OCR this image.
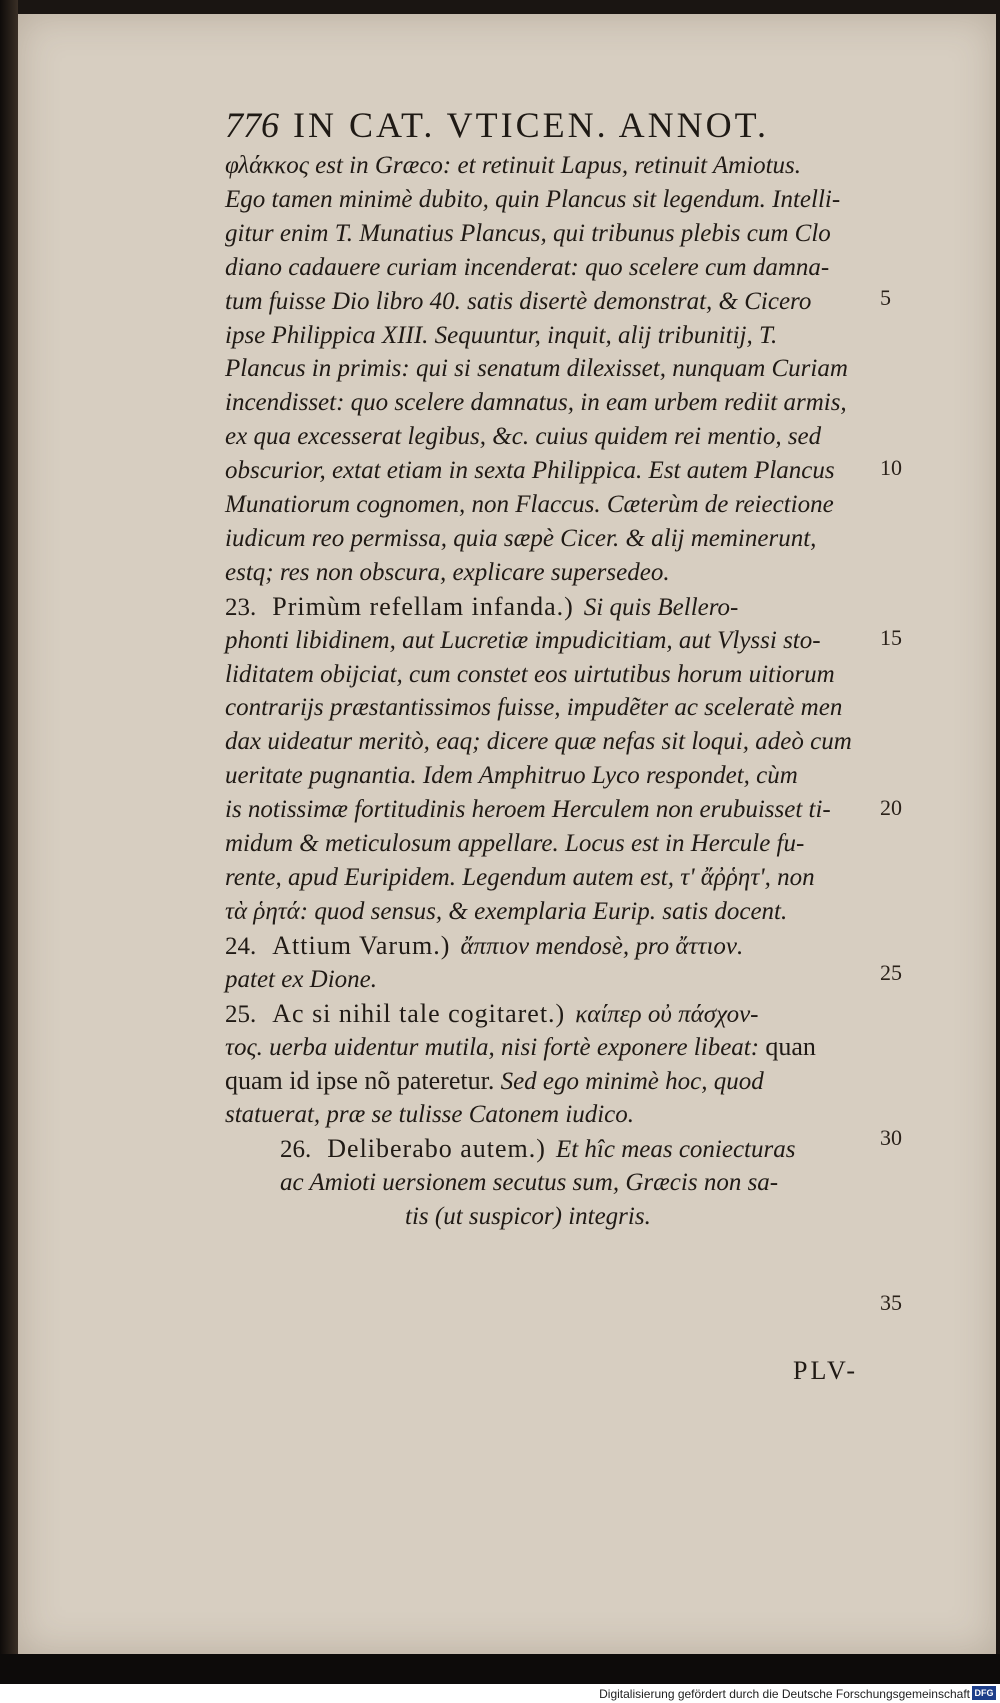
776 IN CAT. VTICEN. ANNOT.
φλάκκος est in Græco: et retinuit Lapus, retinuit Amiotus.
Ego tamen minimè dubito, quin Plancus sit legendum. Intelli-
gitur enim T. Munatius Plancus, qui tribunus plebis cum Clo
diano cadauere curiam incenderat: quo scelere cum damna-
tum fuisse Dio libro 40. satis disertè demonstrat, & Cicero
ipse Philippica XIII. Sequuntur, inquit, alij tribunitij, T.
Plancus in primis: qui si senatum dilexisset, nunquam Curiam
incendisset: quo scelere damnatus, in eam urbem rediit armis,
ex qua excesserat legibus, &c. cuius quidem rei mentio, sed
obscurior, extat etiam in sexta Philippica. Est autem Plancus
Munatiorum cognomen, non Flaccus. Cæterùm de reiectione
iudicum reo permissa, quia sæpè Cicer. & alij meminerunt,
estq; res non obscura, explicare supersedeo.
23. Primùm refellam infanda.) Si quis Bellero-
phonti libidinem, aut Lucretiæ impudicitiam, aut Vlyssi sto-
liditatem obijciat, cum constet eos uirtutibus horum uitiorum
contrarijs præstantissimos fuisse, impudẽter ac sceleratè men
dax uideatur meritò, eaq; dicere quæ nefas sit loqui, adeò cum
ueritate pugnantia. Idem Amphitruo Lyco respondet, cùm
is notissimæ fortitudinis heroem Herculem non erubuisset ti-
midum & meticulosum appellare. Locus est in Hercule fu-
rente, apud Euripidem. Legendum autem est, τ' ἄῤῥητ', non
τὰ ῥητά: quod sensus, & exemplaria Eurip. satis docent.
24. Attium Varum.) ἄππιον mendosè, pro ἄττιον.
patet ex Dione.
25. Ac si nihil tale cogitaret.) καίπερ οὐ πάσχον-
τος. uerba uidentur mutila, nisi fortè exponere libeat: quan
quam id ipse nõ pateretur. Sed ego minimè hoc, quod
statuerat, præ se tulisse Catonem iudico.
26. Deliberabo autem.) Et hîc meas coniecturas
ac Amioti uersionem secutus sum, Græcis non sa-
tis (ut suspicor) integris.
5
10
15
20
25
30
35
PLV-
Digitalisierung gefördert durch die Deutsche Forschungsgemeinschaft DFG
